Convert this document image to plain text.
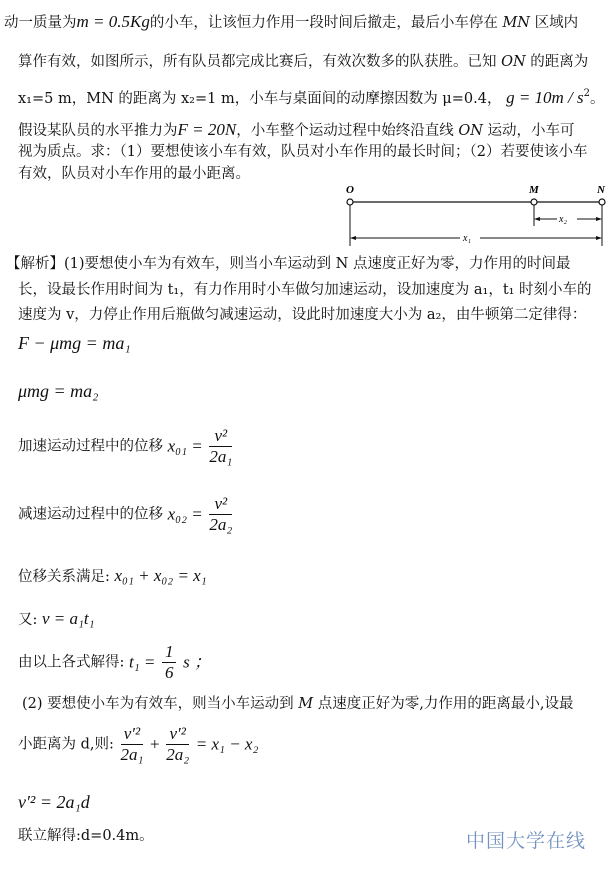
动一质量为m = 0.5Kg的小车，让该恒力作用一段时间后撤走，最后小车停在 MN 区域内
算作有效，如图所示，所有队员都完成比赛后，有效次数多的队获胜。已知 ON 的距离为
x₁=5 m，MN 的距离为 x₂=1 m，小车与桌面间的动摩擦因数为 μ=0.4， $g = 10m / s^2$。
假设某队员的水平推力为F = 20N，小车整个运动过程中始终沿直线 ON 运动，小车可
视为质点。求：（1）要想使该小车有效，队员对小车作用的最长时间；（2）若要使该小车
有效，队员对小车作用的最小距离。
O	M	N
x₂
x₁
【解析】(1)要想使小车为有效车，则当小车运动到 N 点速度正好为零，力作用的时间最
长，设最长作用时间为 t₁，有力作用时小车做匀加速运动，设加速度为 a₁，t₁ 时刻小车的
速度为 v，力停止作用后瓶做匀减速运动，设此时加速度大小为 a₂，由牛顿第二定律得：
F − μmg = ma₁
μmg = ma₂
加速运动过程中的位移 $x_{01} = \frac{\text{v²}}{\text{2a₁}}$
减速运动过程中的位移 $x_{02} = \frac{\text{v²}}{\text{2a₂}}$
位移关系满足: x₀₁ + x₀₂ = x₁
又: v = a₁t₁
由以上各式解得: $t_1 = \frac{1}{6}$ s ；
(2) 要想使小车为有效车，则当小车运动到 M 点速度正好为零,力作用的距离最小,设最
小距离为 d,则: $\frac{\text{v′²}}{\text{2a₁}} + \frac{\text{v′²}}{\text{2a₂}} = x_1 - x_2$
v′² = 2a₁d
联立解得:d=0.4m。	中国大学在线
